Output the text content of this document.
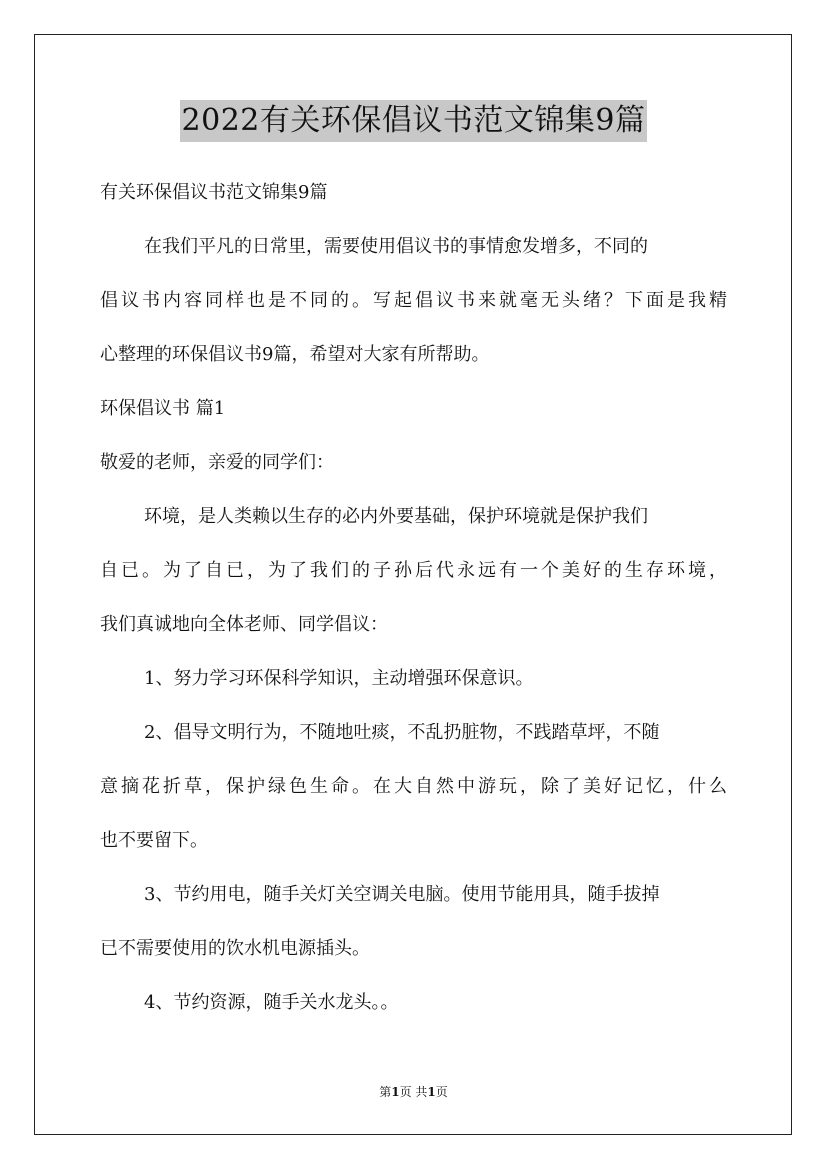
2022有关环保倡议书范文锦集9篇
有关环保倡议书范文锦集9篇
在我们平凡的日常里，需要使用倡议书的事情愈发增多，不同的
倡议书内容同样也是不同的。写起倡议书来就毫无头绪？下面是我精
心整理的环保倡议书9篇，希望对大家有所帮助。
环保倡议书 篇1
敬爱的老师，亲爱的同学们：
环境，是人类赖以生存的必内外要基础，保护环境就是保护我们
自已。为了自已，为了我们的子孙后代永远有一个美好的生存环境，
我们真诚地向全体老师、同学倡议：
1、努力学习环保科学知识，主动增强环保意识。
2、倡导文明行为，不随地吐痰，不乱扔脏物，不践踏草坪，不随
意摘花折草，保护绿色生命。在大自然中游玩，除了美好记忆，什么
也不要留下。
3、节约用电，随手关灯关空调关电脑。使用节能用具，随手拔掉
已不需要使用的饮水机电源插头。
4、节约资源，随手关水龙头。。
第1页 共1页
